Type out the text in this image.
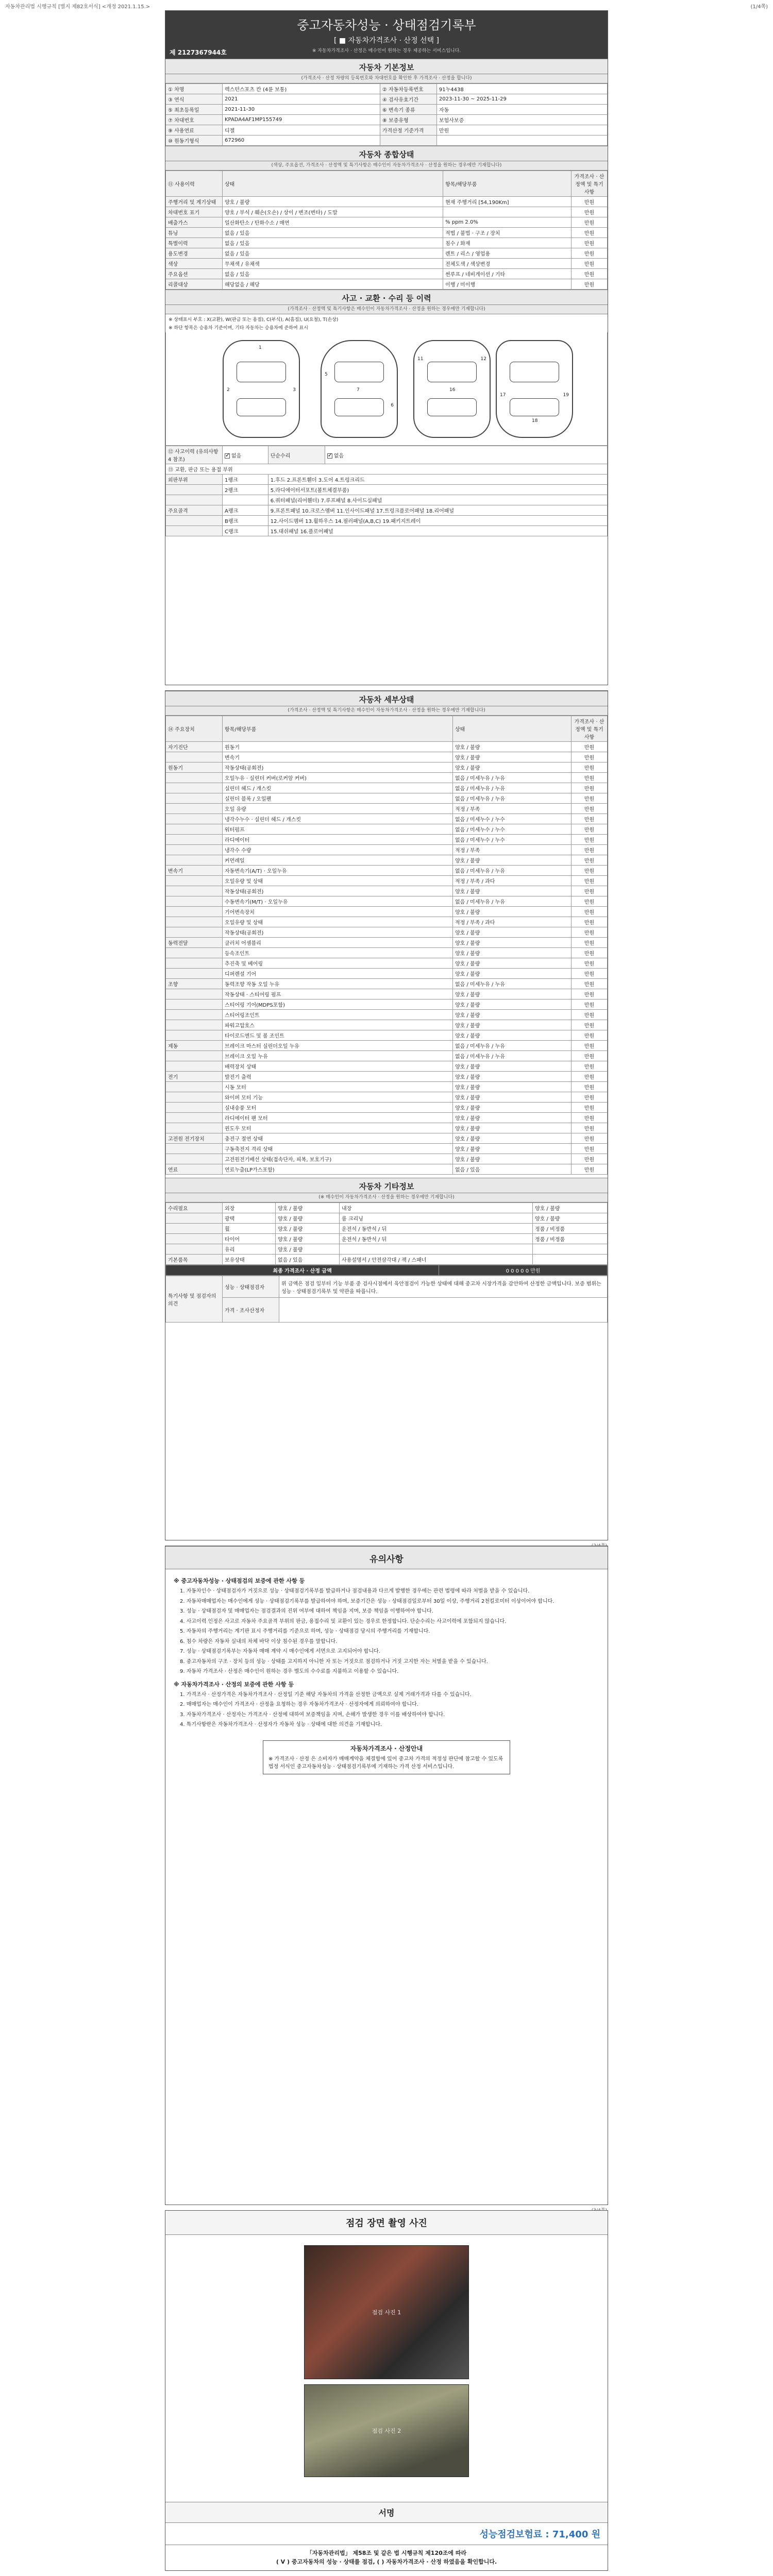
자동차관리법 시행규칙 [별지 제82호서식] <개정 2021.1.15.>	(1/4쪽)
중고자동차성능 · 상태점검기록부
[ ■ 자동차가격조사 · 산정 선택 ]
※ 자동차가격조사 · 산정은 매수인이 원하는 경우 제공하는 서비스입니다.
제 2127367944호
자동차 기본정보
(가격조사 · 산정 차량의 등록번호와 차대번호를 확인한 후 가격조사 · 산정을 합니다)
① 차명	렉스턴스포츠 칸 (4륜 보통)	② 자동차등록번호	91누4438
③ 연식	2021	④ 검사유효기간	2023-11-30 ~ 2025-11-29
⑤ 최초등록일	2021-11-30	⑥ 변속기 종류	자동
⑦ 차대번호	KPADA4AF1MP155749	⑧ 보증유형	보험사보증
⑨ 사용연료	디젤	가격산정 기준가격	만원
⑩ 원동기형식	672960		
자동차 종합상태
(색상, 주요옵션, 가격조사 · 산정액 및 특기사항은 매수인이 자동차가격조사 · 산정을 원하는 경우에만 기재합니다)
⑪ 사용이력	상태	항목/해당부품	가격조사 · 산정액 및 특기사항
주행거리 및 계기상태	양호 / 불량	현재 주행거리 [54,190Km]	만원
차대번호 표기	양호 / 부식 / 훼손(오손) / 상이 / 변조(변타) / 도말		만원
배출가스	일산화탄소 / 탄화수소 / 매연	% ppm 2.0%	만원
튜닝	없음 / 있음	적법 / 불법 · 구조 / 장치	만원
특별이력	없음 / 있음	침수 / 화재	만원
용도변경	없음 / 있음	렌트 / 리스 / 영업용	만원
색상	무채색 / 유채색	전체도색 / 색상변경	만원
주요옵션	없음 / 있음	썬루프 / 네비게이션 / 기타	만원
리콜대상	해당없음 / 해당	이행 / 미이행	만원
사고 · 교환 · 수리 등 이력
(가격조사 · 산정액 및 특기사항은 매수인이 자동차가격조사 · 산정을 원하는 경우에만 기재합니다)
※ 상태표시 부호 : X(교환), W(판금 또는 용접), C(부식), A(흠집), U(요철), T(손상)
※ 하단 항목은 승용차 기준이며, 기타 자동차는 승용차에 준하여 표시
1
2	3	7
5
6
16
11	12
18
17	19
⑫ 사고이력 (유의사항 4 참조)	✓없음	단순수리	✓없음
⑬ 교환, 판금 또는 용접 부위			
외판부위	1랭크	1.후드 2.프론트휀더 3.도어 4.트렁크리드	
	2랭크	5.라디에이터서포트(볼트체결부품)	
		6.쿼터패널(리어휀더) 7.루프패널 8.사이드실패널	
주요골격	A랭크	9.프론트패널 10.크로스멤버 11.인사이드패널 17.트렁크플로어패널 18.리어패널	
	B랭크	12.사이드멤버 13.휠하우스 14.필러패널(A,B,C) 19.패키지트레이	
	C랭크	15.대쉬패널 16.플로어패널	
자동차 세부상태
(가격조사 · 산정액 및 특기사항은 매수인이 자동차가격조사 · 산정을 원하는 경우에만 기재합니다)
⑭ 주요장치	항목/해당부품	상태	가격조사 · 산정액 및 특기사항
자기진단	원동기	양호 / 불량	만원
	변속기	양호 / 불량	만원
원동기	작동상태(공회전)	양호 / 불량	만원
	오일누유 · 실린더 커버(로커암 커버)	없음 / 미세누유 / 누유	만원
	실린더 헤드 / 개스킷	없음 / 미세누유 / 누유	만원
	실린더 블록 / 오일팬	없음 / 미세누유 / 누유	만원
	오일 유량	적정 / 부족	만원
	냉각수누수 · 실린더 헤드 / 개스킷	없음 / 미세누수 / 누수	만원
	워터펌프	없음 / 미세누수 / 누수	만원
	라디에이터	없음 / 미세누수 / 누수	만원
	냉각수 수량	적정 / 부족	만원
	커먼레일	양호 / 불량	만원
변속기	자동변속기(A/T) · 오일누유	없음 / 미세누유 / 누유	만원
	오일유량 및 상태	적정 / 부족 / 과다	만원
	작동상태(공회전)	양호 / 불량	만원
	수동변속기(M/T) · 오일누유	없음 / 미세누유 / 누유	만원
	기어변속장치	양호 / 불량	만원
	오일유량 및 상태	적정 / 부족 / 과다	만원
	작동상태(공회전)	양호 / 불량	만원
동력전달	클러치 어셈블리	양호 / 불량	만원
	등속조인트	양호 / 불량	만원
	추진축 및 베어링	양호 / 불량	만원
	디퍼렌셜 기어	양호 / 불량	만원
조향	동력조향 작동 오일 누유	없음 / 미세누유 / 누유	만원
	작동상태 · 스티어링 펌프	양호 / 불량	만원
	스티어링 기어(MDPS포함)	양호 / 불량	만원
	스티어링조인트	양호 / 불량	만원
	파워고압호스	양호 / 불량	만원
	타이로드엔드 및 볼 조인트	양호 / 불량	만원
제동	브레이크 마스터 실린더오일 누유	없음 / 미세누유 / 누유	만원
	브레이크 오일 누유	없음 / 미세누유 / 누유	만원
	배력장치 상태	양호 / 불량	만원
전기	발전기 출력	양호 / 불량	만원
	시동 모터	양호 / 불량	만원
	와이퍼 모터 기능	양호 / 불량	만원
	실내송풍 모터	양호 / 불량	만원
	라디에이터 팬 모터	양호 / 불량	만원
	윈도우 모터	양호 / 불량	만원
고전원 전기장치	충전구 절연 상태	양호 / 불량	만원
	구동축전지 격리 상태	양호 / 불량	만원
	고전원전기배선 상태(접속단자, 피복, 보호기구)	양호 / 불량	만원
연료	연료누출(LP가스포함)	없음 / 있음	만원
자동차 기타정보
(※ 매수인이 자동차가격조사 · 산정을 원하는 경우에만 기재합니다)
수리필요	외장	양호 / 불량	내장	양호 / 불량
	광택	양호 / 불량	룸 크리닝	양호 / 불량
	휠	양호 / 불량	운전석 / 동반석 / 뒤	정품 / 비정품
	타이어	양호 / 불량	운전석 / 동반석 / 뒤	정품 / 비정품
	유리	양호 / 불량		
기본품목	보유상태	없음 / 있음	사용설명서 / 안전삼각대 / 잭 / 스패너	
최종 가격조사 · 산정 금액	0 0 0 0 0 만원
특기사항 및 점검자의 의견	성능 · 상태점검자	위 금액은 점검 일부터 기능 부품 중 검사시점에서 육안점검이 가능한 상태에 대해 중고차 시장가격을 감안하여 산정한 금액입니다. 보증 범위는 성능 · 상태점검기록부 및 약관을 따릅니다.
	가격 · 조사산정자	
유의사항
※ 중고자동차성능 · 상태점검의 보증에 관한 사항 등
1. 자동차인수 · 상태점검자가 거짓으로 성능 · 상태점검기록부를 발급하거나 점검내용과 다르게 발행한 경우에는 관련 법령에 따라 처벌을 받을 수 있습니다.
2. 자동차매매업자는 매수인에게 성능 · 상태점검기록부를 발급하여야 하며, 보증기간은 성능 · 상태점검일로부터 30일 이상, 주행거리 2천킬로미터 이상이어야 합니다.
3. 성능 · 상태점검자 및 매매업자는 점검결과의 진위 여부에 대하여 책임을 지며, 보증 책임을 이행하여야 합니다.
4. 사고이력 인정은 사고로 자동차 주요골격 부위의 판금, 용접수리 및 교환이 있는 경우로 한정합니다. 단순수리는 사고이력에 포함되지 않습니다.
5. 자동차의 주행거리는 계기판 표시 주행거리를 기준으로 하며, 성능 · 상태점검 당시의 주행거리를 기재합니다.
6. 침수 차량은 자동차 실내의 차체 바닥 이상 침수된 경우를 말합니다.
7. 성능 · 상태점검기록부는 자동차 매매 계약 시 매수인에게 서면으로 고지되어야 합니다.
8. 중고자동차의 구조 · 장치 등의 성능 · 상태를 고지하지 아니한 자 또는 거짓으로 점검하거나 거짓 고지한 자는 처벌을 받을 수 있습니다.
9. 자동차 가격조사 · 산정은 매수인이 원하는 경우 별도의 수수료를 지불하고 이용할 수 있습니다.
※ 자동차가격조사 · 산정의 보증에 관한 사항 등
1. 가격조사 · 산정가격은 자동차가격조사 · 산정일 기준 해당 자동차의 가격을 산정한 금액으로 실제 거래가격과 다를 수 있습니다.
2. 매매업자는 매수인이 가격조사 · 산정을 요청하는 경우 자동차가격조사 · 산정자에게 의뢰하여야 합니다.
3. 자동차가격조사 · 산정자는 가격조사 · 산정에 대하여 보증책임을 지며, 손해가 발생한 경우 이를 배상하여야 합니다.
4. 특기사항란은 자동차가격조사 · 산정자가 자동차 성능 · 상태에 대한 의견을 기재합니다.
자동차가격조사 · 산정안내
※ 가격조사 · 산정 은 소비자가 매매계약을 체결함에 있어 중고차 가격의 적정성 판단에 참고할 수 있도록 법정 서식인 중고자동차성능 · 상태점검기록부에 기재하는 가격 산정 서비스입니다.
점검 장면 촬영 사진
점검 사진 1
점검 사진 2
서명
성능점검보험료 : 71,400 원
「자동차관리법」 제58조 및 같은 법 시행규칙 제120조에 따라
( V ) 중고자동차의 성능 · 상태를 점검, ( ) 자동차가격조사 · 산정 하였음을 확인합니다.
